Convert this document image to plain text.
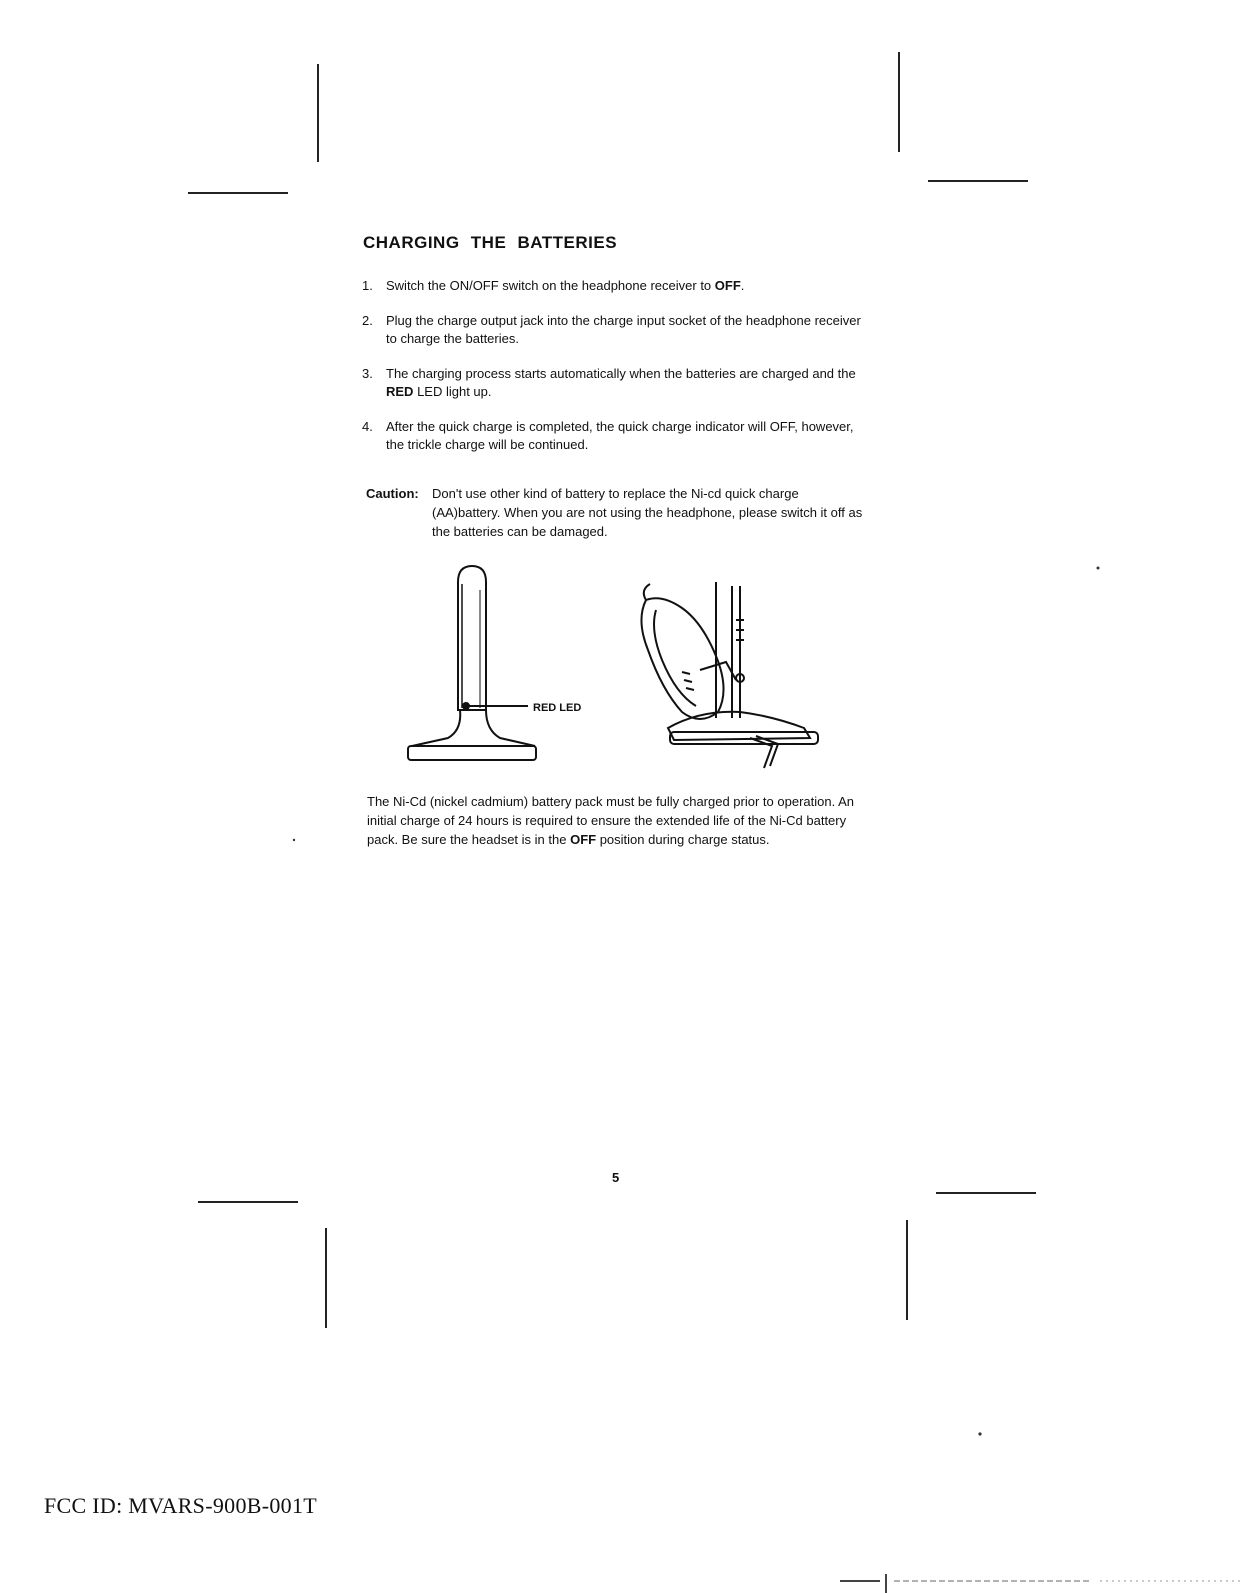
CHARGING THE BATTERIES
1. Switch the ON/OFF switch on the headphone receiver to OFF.
2. Plug the charge output jack into the charge input socket of the headphone receiver to charge the batteries.
3. The charging process starts automatically when the batteries are charged and the RED LED light up.
4. After the quick charge is completed, the quick charge indicator will OFF, however, the trickle charge will be continued.
Caution: Don't use other kind of battery to replace the Ni-cd quick charge (AA)battery. When you are not using the headphone, please switch it off as the batteries can be damaged.
RED LED
The Ni-Cd (nickel cadmium) battery pack must be fully charged prior to operation. An initial charge of 24 hours is required to ensure the extended life of the Ni-Cd battery pack. Be sure the headset is in the OFF position during charge status.
5
FCC ID: MVARS-900B-001T
